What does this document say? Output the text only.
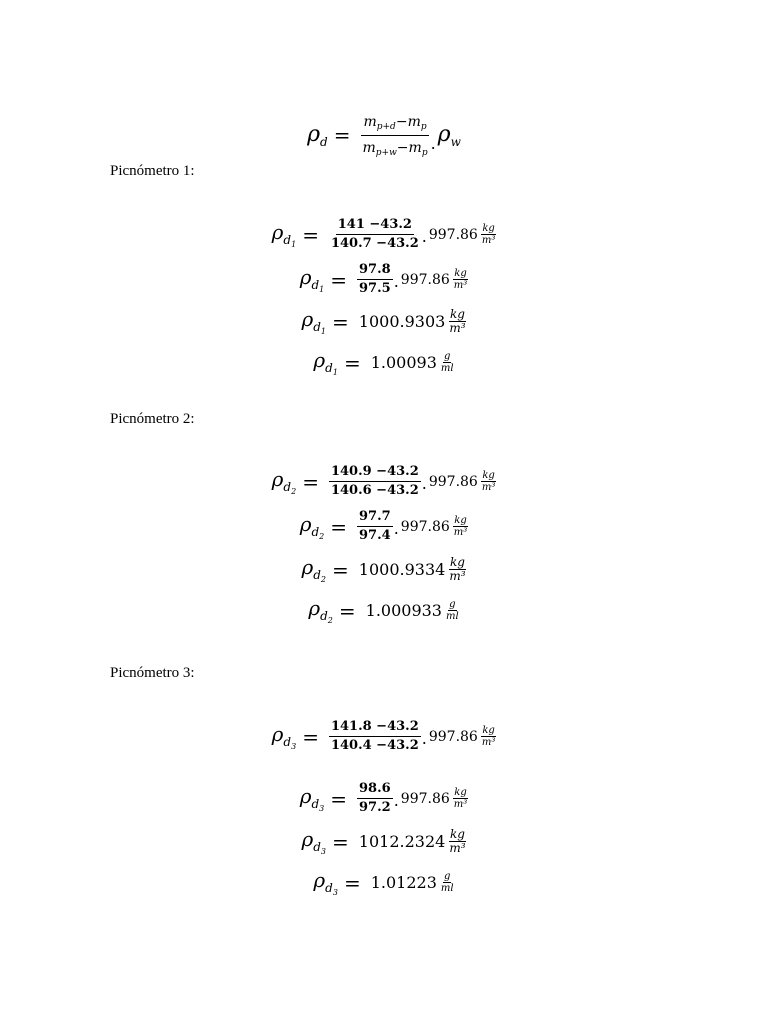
$\rho_d = \frac{m_{p+d}-m_p}{m_{p+w}-m_p}$ . $\rho_w$
Picnómetro 1:
$\rho_{d_1} = \frac{141 -43.2}{140.7 -43.2}$ . $997.86 \frac{kg}{\text{m³}}$
$\rho_{d_1} = \frac{97.8}{97.5}$ . $997.86 \frac{kg}{\text{m³}}$
$\rho_{d_1} = 1000.9303 \frac{kg}{\text{m³}}$
$\rho_{d_1} = 1.00093 \frac{g}{ml}$
Picnómetro 2:
$\rho_{d_2} = \frac{140.9 -43.2}{140.6 -43.2}$ . $997.86 \frac{kg}{\text{m³}}$
$\rho_{d_2} = \frac{97.7}{97.4}$ . $997.86 \frac{kg}{\text{m³}}$
$\rho_{d_2} = 1000.9334 \frac{kg}{\text{m³}}$
$\rho_{d_2} = 1.000933 \frac{g}{ml}$
Picnómetro 3:
$\rho_{d_3} = \frac{141.8 -43.2}{140.4 -43.2}$ . $997.86 \frac{kg}{\text{m³}}$
$\rho_{d_3} = \frac{98.6}{97.2}$ . $997.86 \frac{kg}{\text{m³}}$
$\rho_{d_3} = 1012.2324 \frac{kg}{\text{m³}}$
$\rho_{d_3} = 1.01223 \frac{g}{ml}$
